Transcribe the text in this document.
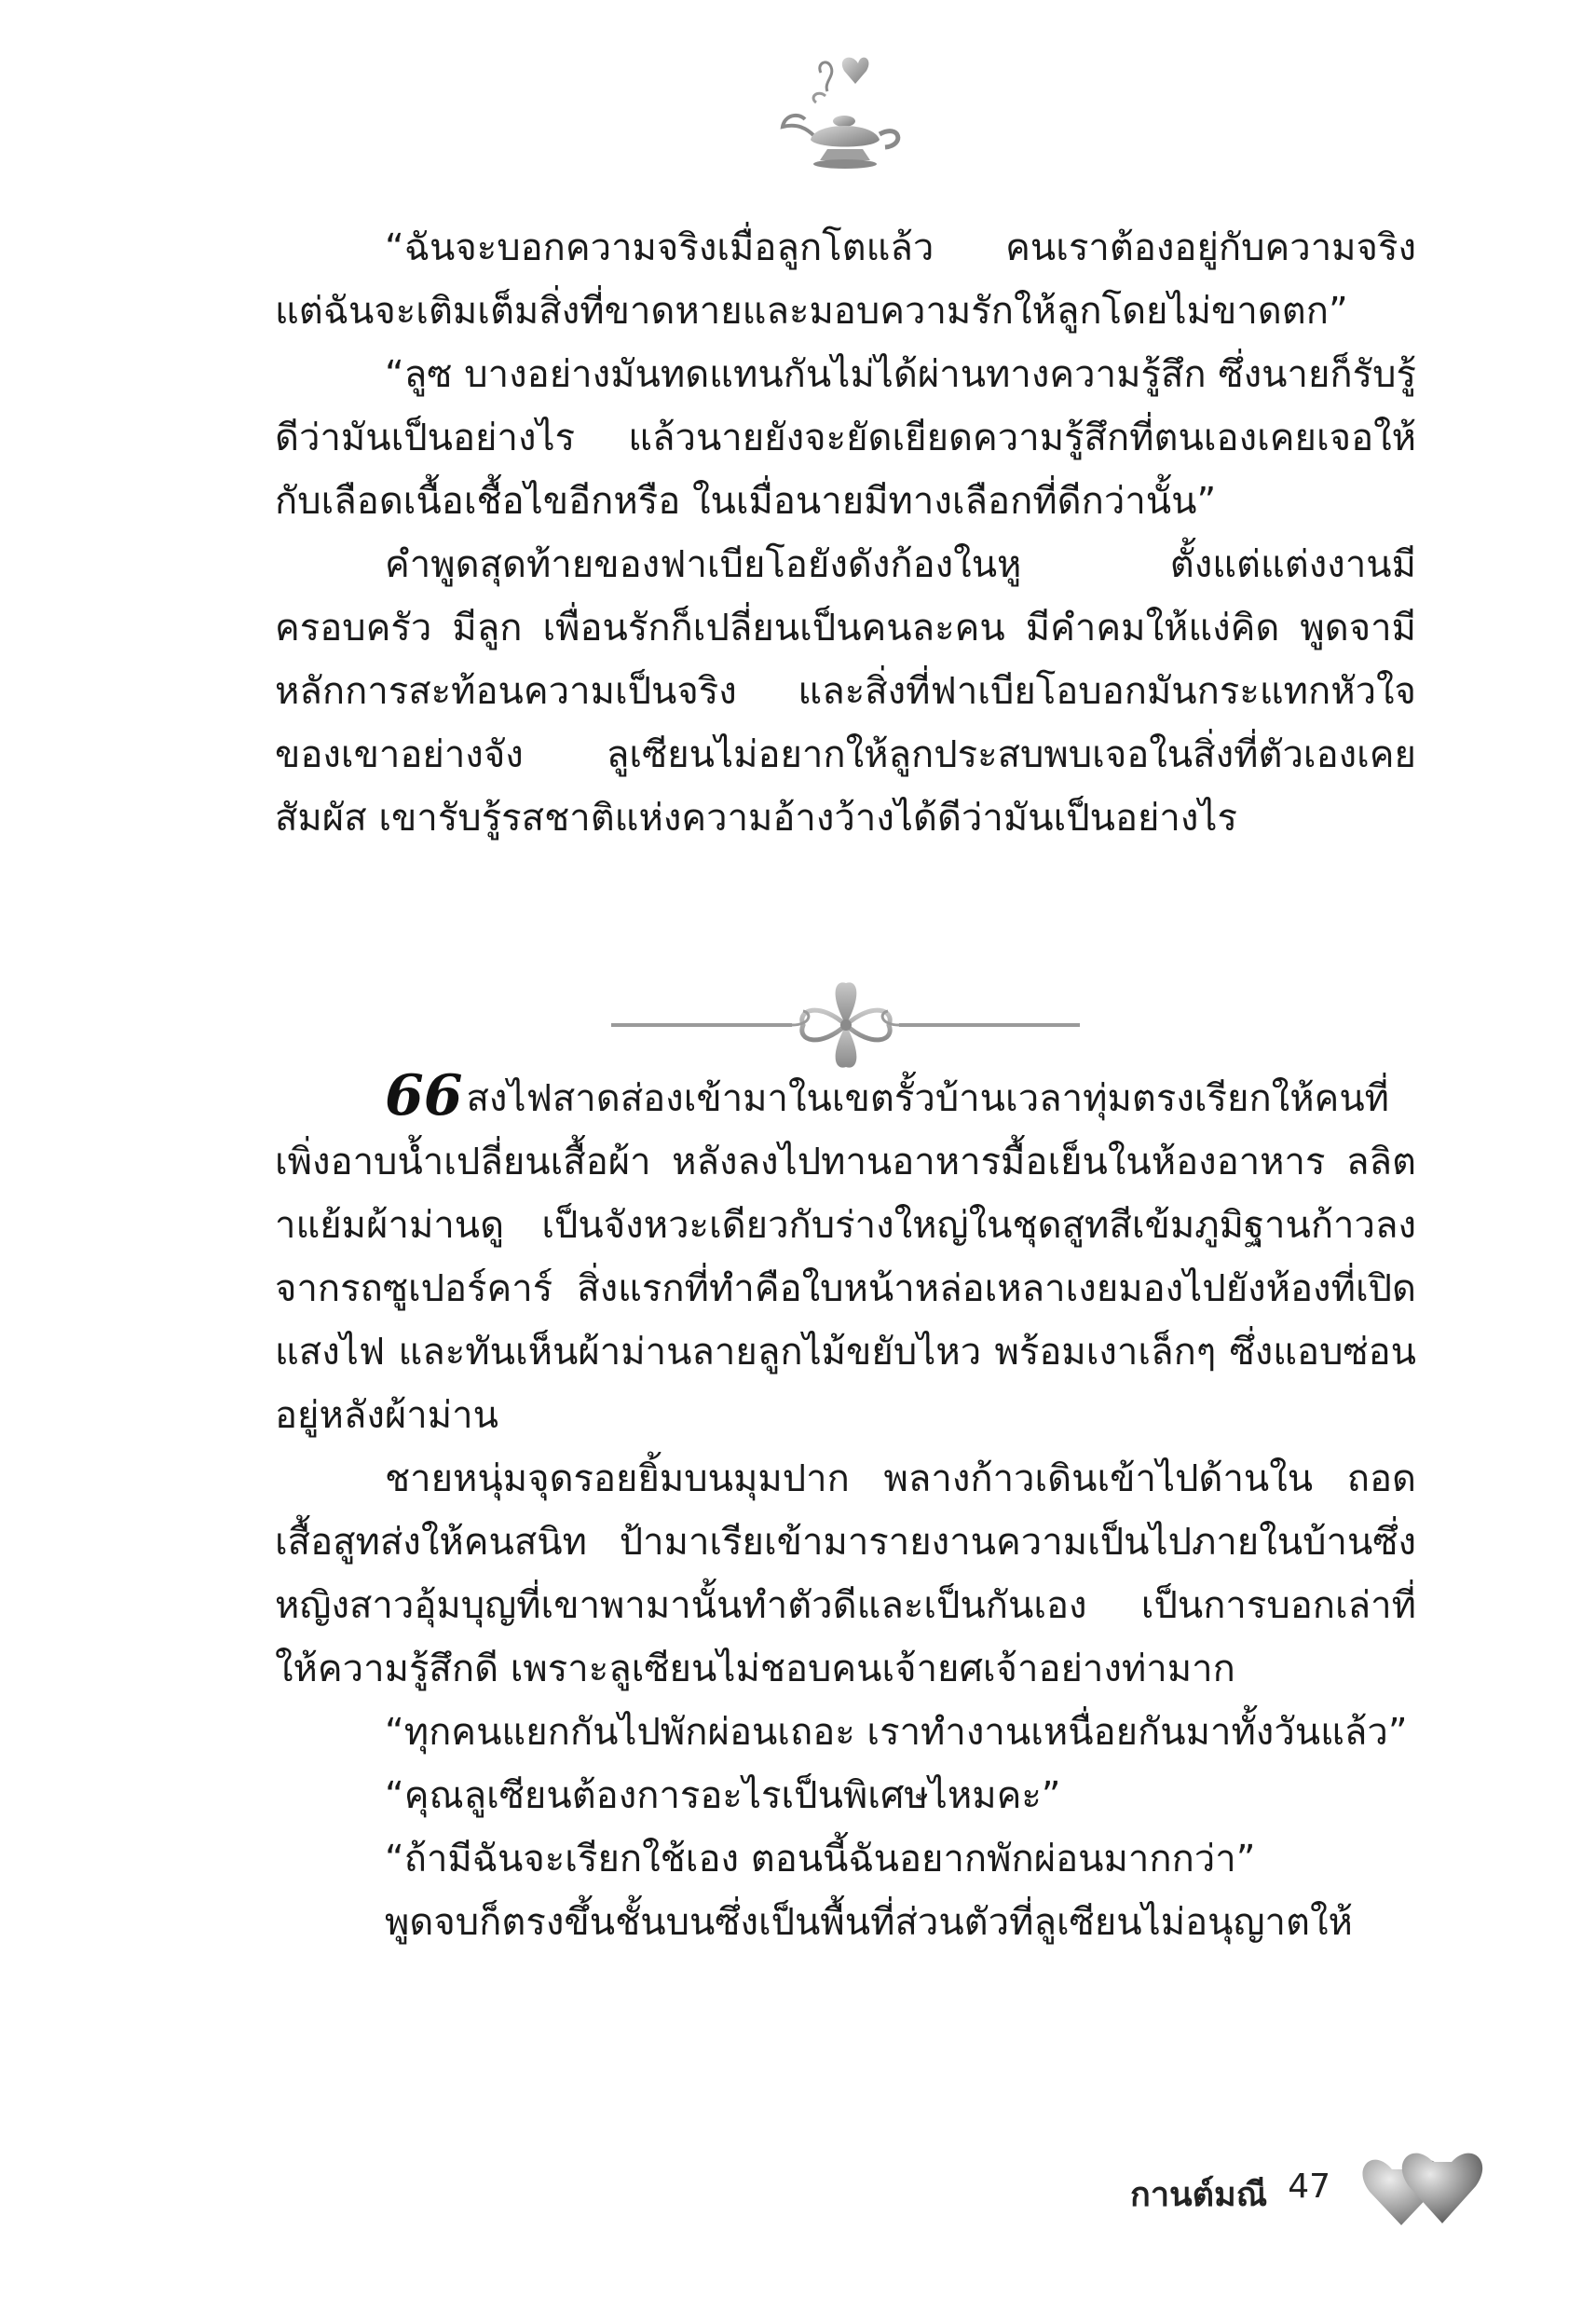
“ฉันจะบอกความจริงเมื่อลูกโตแล้ว คนเราต้องอยู่กับความจริง แต่ฉันจะเติมเต็มสิ่งที่ขาดหายและมอบความรักให้ลูกโดยไม่ขาดตก”

“ลูซ บางอย่างมันทดแทนกันไม่ได้ผ่านทางความรู้สึก ซึ่งนายก็รับรู้ดีว่ามันเป็นอย่างไร แล้วนายยังจะยัดเยียดความรู้สึกที่ตนเองเคยเจอให้กับเลือดเนื้อเชื้อไขอีกหรือ ในเมื่อนายมีทางเลือกที่ดีกว่านั้น”

คำพูดสุดท้ายของฟาเบียโอยังดังก้องในหู ตั้งแต่แต่งงานมีครอบครัว มีลูก เพื่อนรักก็เปลี่ยนเป็นคนละคน มีคำคมให้แง่คิด พูดจามีหลักการสะท้อนความเป็นจริง และสิ่งที่ฟาเบียโอบอกมันกระแทกหัวใจของเขาอย่างจัง ลูเซียนไม่อยากให้ลูกประสบพบเจอในสิ่งที่ตัวเองเคยสัมผัส เขารับรู้รสชาติแห่งความอ้างว้างได้ดีว่ามันเป็นอย่างไร

66 สงไฟสาดส่องเข้ามาในเขตรั้วบ้านเวลาทุ่มตรงเรียกให้คนที่เพิ่งอาบน้ำเปลี่ยนเสื้อผ้า หลังลงไปทานอาหารมื้อเย็นในห้องอาหาร ลลิตาแย้มผ้าม่านดู เป็นจังหวะเดียวกับร่างใหญ่ในชุดสูทสีเข้มภูมิฐานก้าวลงจากรถซูเปอร์คาร์ สิ่งแรกที่ทำคือใบหน้าหล่อเหลาเงยมองไปยังห้องที่เปิดแสงไฟ และทันเห็นผ้าม่านลายลูกไม้ขยับไหว พร้อมเงาเล็กๆ ซึ่งแอบซ่อนอยู่หลังผ้าม่าน

ชายหนุ่มจุดรอยยิ้มบนมุมปาก พลางก้าวเดินเข้าไปด้านใน ถอดเสื้อสูทส่งให้คนสนิท ป้ามาเรียเข้ามารายงานความเป็นไปภายในบ้านซึ่งหญิงสาวอุ้มบุญที่เขาพามานั้นทำตัวดีและเป็นกันเอง เป็นการบอกเล่าที่ให้ความรู้สึกดี เพราะลูเซียนไม่ชอบคนเจ้ายศเจ้าอย่างท่ามาก

“ทุกคนแยกกันไปพักผ่อนเถอะ เราทำงานเหนื่อยกันมาทั้งวันแล้ว”

“คุณลูเซียนต้องการอะไรเป็นพิเศษไหมคะ”

“ถ้ามีฉันจะเรียกใช้เอง ตอนนี้ฉันอยากพักผ่อนมากกว่า”

พูดจบก็ตรงขึ้นชั้นบนซึ่งเป็นพื้นที่ส่วนตัวที่ลูเซียนไม่อนุญาตให้

กานต์มณี 47
